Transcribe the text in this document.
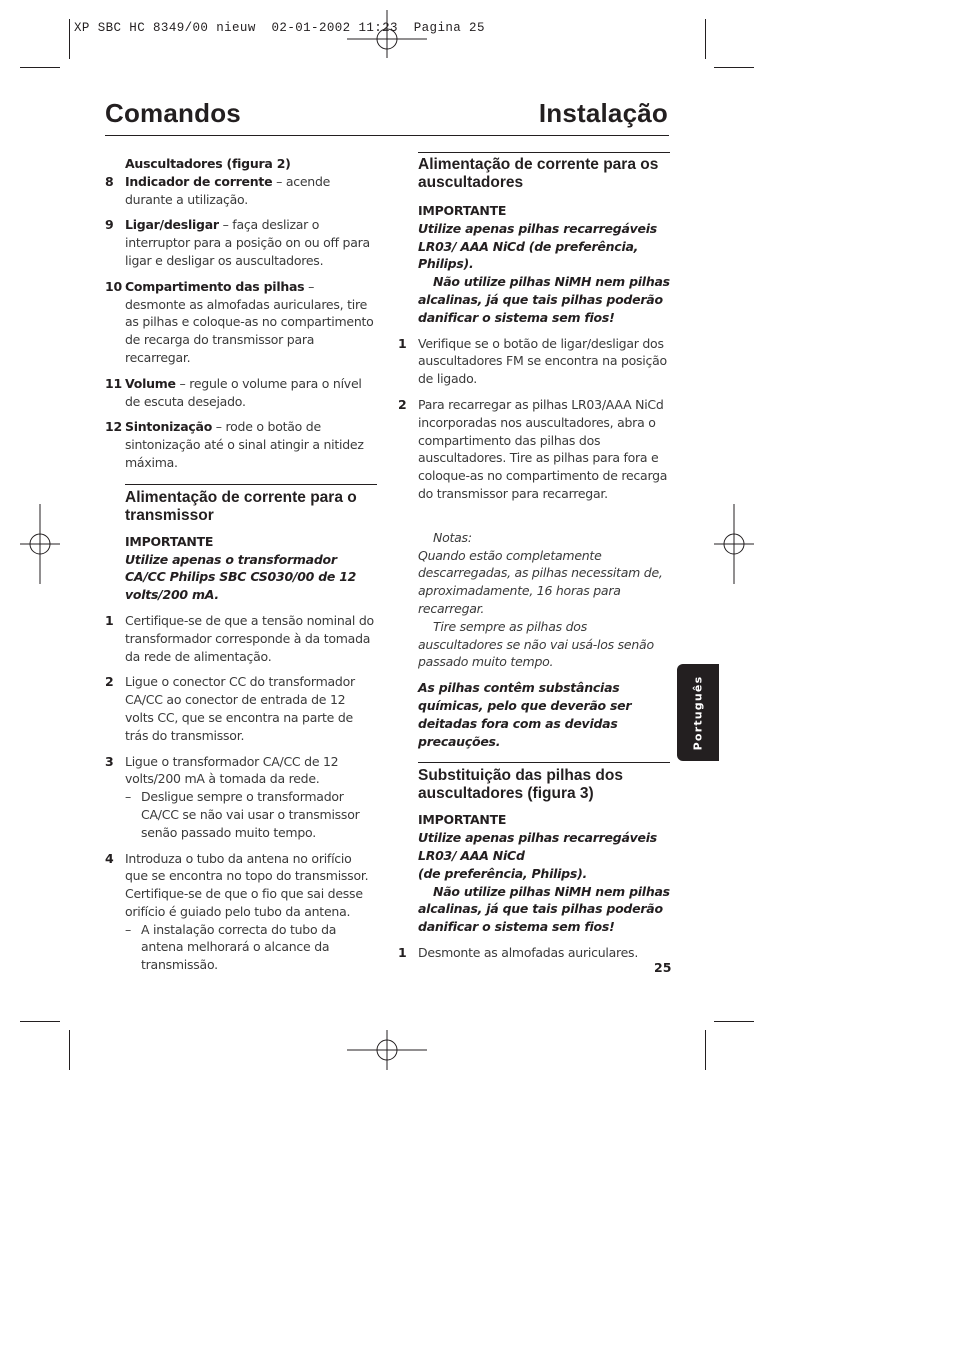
XP SBC HC 8349/00 nieuw  02-01-2002 11:23  Pagina 25
Comandos	Instalação

Auscultadores (figura 2)

8 Indicador de corrente – acende durante a utilização.
9 Ligar/desligar – faça deslizar o interruptor para a posição on ou off para ligar e desligar os auscultadores.
10 Compartimento das pilhas – desmonte as almofadas auriculares, tire as pilhas e coloque-as no compartimento de recarga do transmissor para recarregar.
11 Volume – regule o volume para o nível de escuta desejado.
12 Sintonização – rode o botão de sintonização até o sinal atingir a nitidez máxima.

Alimentação de corrente para o transmissor

IMPORTANTE

Utilize apenas o transformador CA/CC Philips SBC CS030/00 de 12 volts/200 mA.

1 Certifique-se de que a tensão nominal do transformador corresponde à da tomada da rede de alimentação.
2 Ligue o conector CC do transformador CA/CC ao conector de entrada de 12 volts CC, que se encontra na parte de trás do transmissor.
3 Ligue o transformador CA/CC de 12 volts/200 mA à tomada da rede.
– Desligue sempre o transformador CA/CC se não vai usar o transmissor senão passado muito tempo.
4 Introduza o tubo da antena no orifício que se encontra no topo do transmissor. Certifique-se de que o fio que sai desse orifício é guiado pelo tubo da antena.
– A instalação correcta do tubo da antena melhorará o alcance da transmissão.

Alimentação de corrente para os auscultadores

IMPORTANTE

Utilize apenas pilhas recarregáveis LR03/ AAA NiCd (de preferência, Philips).

Não utilize pilhas NiMH nem pilhas alcalinas, já que tais pilhas poderão danificar o sistema sem fios!

1 Verifique se o botão de ligar/desligar dos auscultadores FM se encontra na posição de ligado.
2 Para recarregar as pilhas LR03/AAA NiCd incorporadas nos auscultadores, abra o compartimento das pilhas dos auscultadores. Tire as pilhas para fora e coloque-as no compartimento de recarga do transmissor para recarregar.

Notas:

Quando estão completamente descarregadas, as pilhas necessitam de, aproximadamente, 16 horas para recarregar.

Tire sempre as pilhas dos auscultadores se não vai usá-los senão passado muito tempo.

As pilhas contêm substâncias químicas, pelo que deverão ser deitadas fora com as devidas precauções.

Substituição das pilhas dos auscultadores (figura 3)

IMPORTANTE

Utilize apenas pilhas recarregáveis LR03/ AAA NiCd

(de preferência, Philips).

Não utilize pilhas NiMH nem pilhas alcalinas, já que tais pilhas poderão danificar o sistema sem fios!

1 Desmonte as almofadas auriculares.
Português
25
